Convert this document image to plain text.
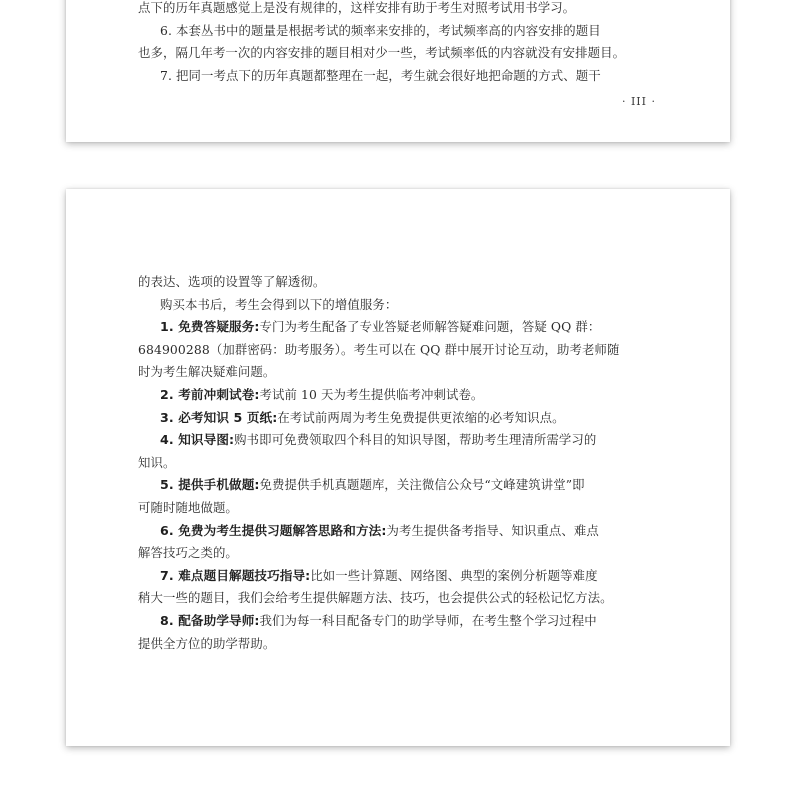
点下的历年真题感觉上是没有规律的，这样安排有助于考生对照考试用书学习。
6. 本套丛书中的题量是根据考试的频率来安排的，考试频率高的内容安排的题目
也多，隔几年考一次的内容安排的题目相对少一些，考试频率低的内容就没有安排题目。
7. 把同一考点下的历年真题都整理在一起，考生就会很好地把命题的方式、题干
· III ·
的表达、选项的设置等了解透彻。
购买本书后，考生会得到以下的增值服务：
1. 免费答疑服务:专门为考生配备了专业答疑老师解答疑难问题，答疑 QQ 群：
684900288（加群密码：助考服务）。考生可以在 QQ 群中展开讨论互动，助考老师随
时为考生解决疑难问题。
2. 考前冲刺试卷:考试前 10 天为考生提供临考冲刺试卷。
3. 必考知识 5 页纸:在考试前两周为考生免费提供更浓缩的必考知识点。
4. 知识导图:购书即可免费领取四个科目的知识导图，帮助考生理清所需学习的
知识。
5. 提供手机做题:免费提供手机真题题库，关注微信公众号“文峰建筑讲堂”即
可随时随地做题。
6. 免费为考生提供习题解答思路和方法:为考生提供备考指导、知识重点、难点
解答技巧之类的。
7. 难点题目解题技巧指导:比如一些计算题、网络图、典型的案例分析题等难度
稍大一些的题目，我们会给考生提供解题方法、技巧，也会提供公式的轻松记忆方法。
8. 配备助学导师:我们为每一科目配备专门的助学导师，在考生整个学习过程中
提供全方位的助学帮助。
